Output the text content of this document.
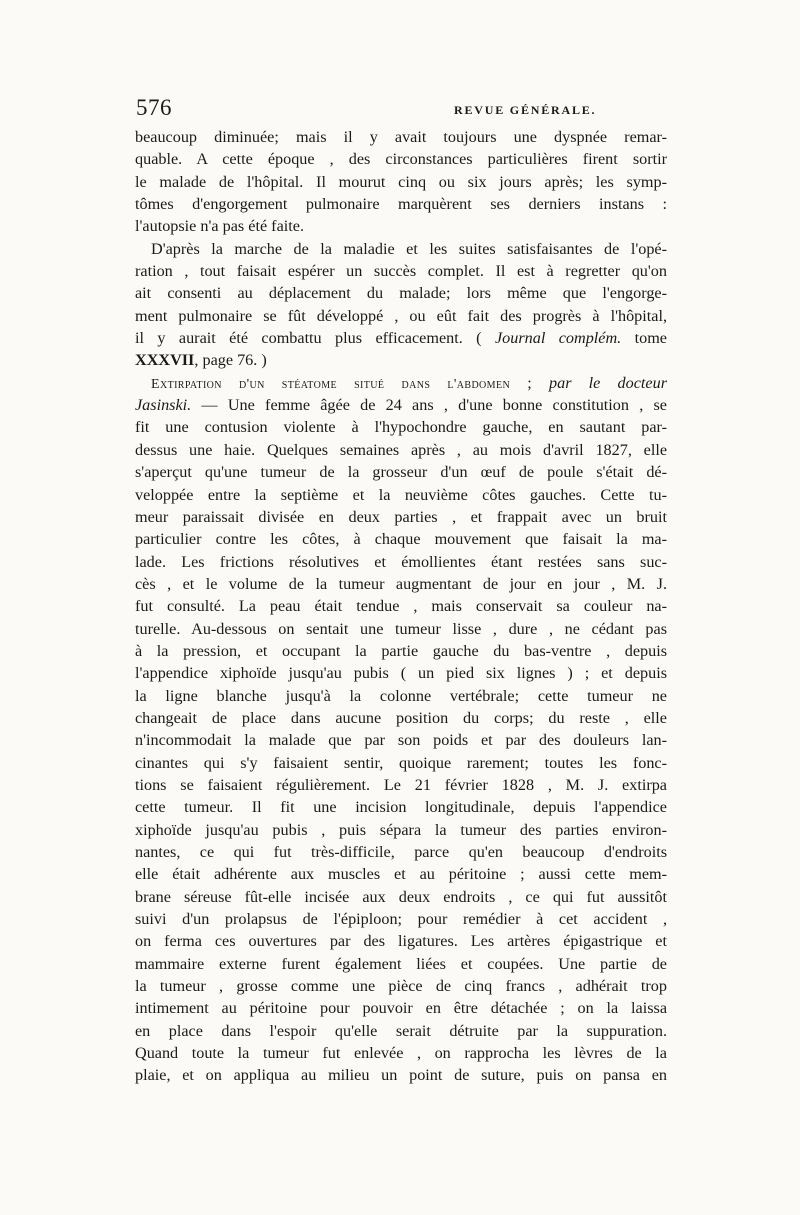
576	REVUE GÉNÉRALE.
beaucoup diminuée; mais il y avait toujours une dyspnée remar-
quable. A cette époque , des circonstances particulières firent sortir
le malade de l'hôpital. Il mourut cinq ou six jours après; les symp-
tômes d'engorgement pulmonaire marquèrent ses derniers instans :
l'autopsie n'a pas été faite.
D'après la marche de la maladie et les suites satisfaisantes de l'opé-
ration , tout faisait espérer un succès complet. Il est à regretter qu'on
ait consenti au déplacement du malade; lors même que l'engorge-
ment pulmonaire se fût développé , ou eût fait des progrès à l'hôpital,
il y aurait été combattu plus efficacement. ( Journal complém. tome
XXXVII, page 76. )
Extirpation d'un stéatome situé dans l'abdomen ; par le docteur
Jasinski. — Une femme âgée de 24 ans , d'une bonne constitution , se
fit une contusion violente à l'hypochondre gauche, en sautant par-
dessus une haie. Quelques semaines après , au mois d'avril 1827, elle
s'aperçut qu'une tumeur de la grosseur d'un œuf de poule s'était dé-
veloppée entre la septième et la neuvième côtes gauches. Cette tu-
meur paraissait divisée en deux parties , et frappait avec un bruit
particulier contre les côtes, à chaque mouvement que faisait la ma-
lade. Les frictions résolutives et émollientes étant restées sans suc-
cès , et le volume de la tumeur augmentant de jour en jour , M. J.
fut consulté. La peau était tendue , mais conservait sa couleur na-
turelle. Au-dessous on sentait une tumeur lisse , dure , ne cédant pas
à la pression, et occupant la partie gauche du bas-ventre , depuis
l'appendice xiphoïde jusqu'au pubis ( un pied six lignes ) ; et depuis
la ligne blanche jusqu'à la colonne vertébrale; cette tumeur ne
changeait de place dans aucune position du corps; du reste , elle
n'incommodait la malade que par son poids et par des douleurs lan-
cinantes qui s'y faisaient sentir, quoique rarement; toutes les fonc-
tions se faisaient régulièrement. Le 21 février 1828 , M. J. extirpa
cette tumeur. Il fit une incision longitudinale, depuis l'appendice
xiphoïde jusqu'au pubis , puis sépara la tumeur des parties environ-
nantes, ce qui fut très-difficile, parce qu'en beaucoup d'endroits
elle était adhérente aux muscles et au péritoine ; aussi cette mem-
brane séreuse fût-elle incisée aux deux endroits , ce qui fut aussitôt
suivi d'un prolapsus de l'épiploon; pour remédier à cet accident ,
on ferma ces ouvertures par des ligatures. Les artères épigastrique et
mammaire externe furent également liées et coupées. Une partie de
la tumeur , grosse comme une pièce de cinq francs , adhérait trop
intimement au péritoine pour pouvoir en être détachée ; on la laissa
en place dans l'espoir qu'elle serait détruite par la suppuration.
Quand toute la tumeur fut enlevée , on rapprocha les lèvres de la
plaie, et on appliqua au milieu un point de suture, puis on pansa en
